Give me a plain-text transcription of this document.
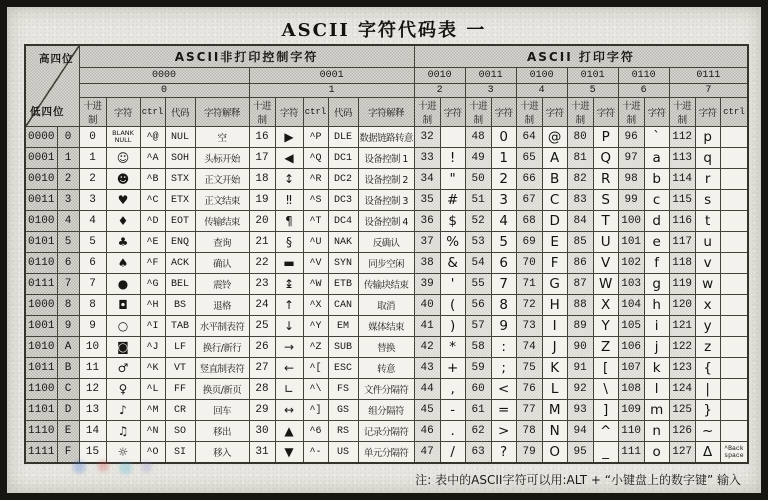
ASCII 字符代码表 一
高四位
低四位		ASCII非打印控制字符										ASCII 打印字符												
		0000					0001					0010		0011		0100		0101		0110		0111		
		0					1					2		3		4		5		6		7		
		十进制	字符	ctrl	代码	字符解释	十进制	字符	ctrl	代码	字符解释	十进制	字符	十进制	字符	十进制	字符	十进制	字符	十进制	字符	十进制	字符	ctrl
0000	0	0	BLANK NULL	^@	NUL	空	16	▶	^P	DLE	数据链路转意	32		48	0	64	@	80	P	96	`	112	p	
0001	1	1	☺	^A	SOH	头标开始	17	◀	^Q	DC1	设备控制 1	33	!	49	1	65	A	81	Q	97	a	113	q	
0010	2	2	☻	^B	STX	正文开始	18	↕	^R	DC2	设备控制 2	34	"	50	2	66	B	82	R	98	b	114	r	
0011	3	3	♥	^C	ETX	正文结束	19	‼	^S	DC3	设备控制 3	35	#	51	3	67	C	83	S	99	c	115	s	
0100	4	4	♦	^D	EOT	传输结束	20	¶	^T	DC4	设备控制 4	36	$	52	4	68	D	84	T	100	d	116	t	
0101	5	5	♣	^E	ENQ	查询	21	§	^U	NAK	反确认	37	%	53	5	69	E	85	U	101	e	117	u	
0110	6	6	♠	^F	ACK	确认	22	▬	^V	SYN	同步空闲	38	&	54	6	70	F	86	V	102	f	118	v	
0111	7	7	●	^G	BEL	震铃	23	↨	^W	ETB	传输块结束	39	'	55	7	71	G	87	W	103	g	119	w	
1000	8	8	◘	^H	BS	退格	24	↑	^X	CAN	取消	40	(	56	8	72	H	88	X	104	h	120	x	
1001	9	9	○	^I	TAB	水平制表符	25	↓	^Y	EM	媒体结束	41	)	57	9	73	I	89	Y	105	i	121	y	
1010	A	10	◙	^J	LF	换行/新行	26	→	^Z	SUB	替换	42	*	58	:	74	J	90	Z	106	j	122	z	
1011	B	11	♂	^K	VT	竖直制表符	27	←	^[	ESC	转意	43	+	59	;	75	K	91	[	107	k	123	{	
1100	C	12	♀	^L	FF	换页/新页	28	∟	^\	FS	文件分隔符	44	,	60	<	76	L	92	\	108	l	124	|	
1101	D	13	♪	^M	CR	回车	29	↔	^]	GS	组分隔符	45	-	61	=	77	M	93	]	109	m	125	}	
1110	E	14	♫	^N	SO	移出	30	▲	^6	RS	记录分隔符	46	.	62	>	78	N	94	^	110	n	126	~	
1111	F	15	☼	^O	SI	移入	31	▼	^-	US	单元分隔符	47	/	63	?	79	O	95	_	111	o	127	Δ	^Back space
注: 表中的ASCII字符可以用:ALT + “小键盘上的数字键” 输入
